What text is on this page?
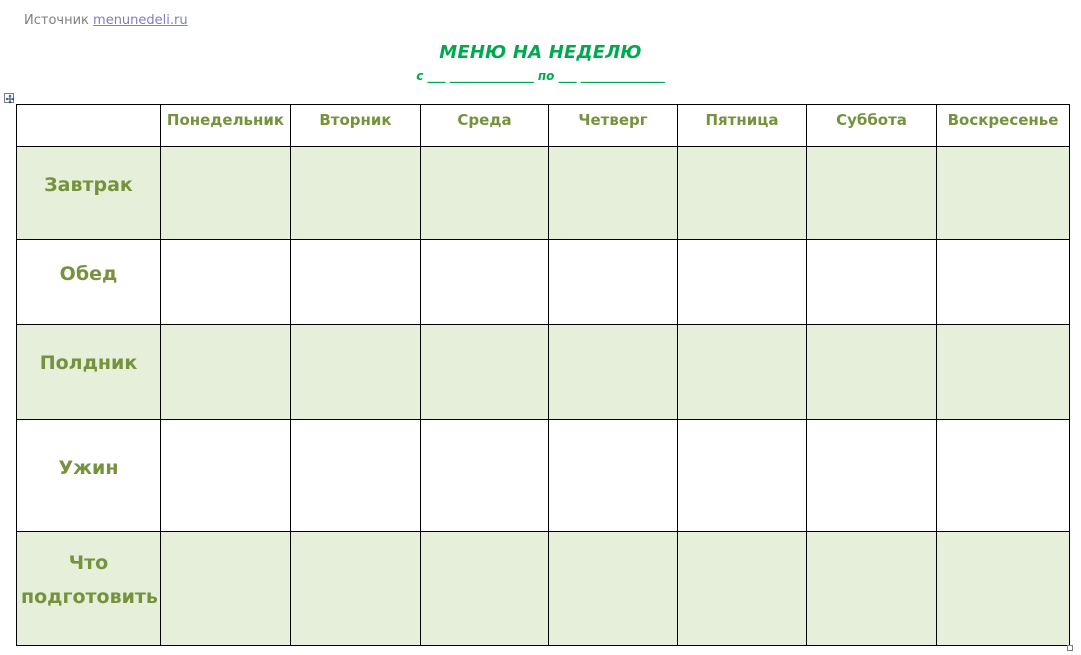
Источник menunedeli.ru
МЕНЮ НА НЕДЕЛЮ
с ___ ______________ по ___ ______________
	Понедельник	Вторник	Среда	Четверг	Пятница	Суббота	Воскресенье
Завтрак							
Обед							
Полдник							
Ужин							
Что подготовить							
